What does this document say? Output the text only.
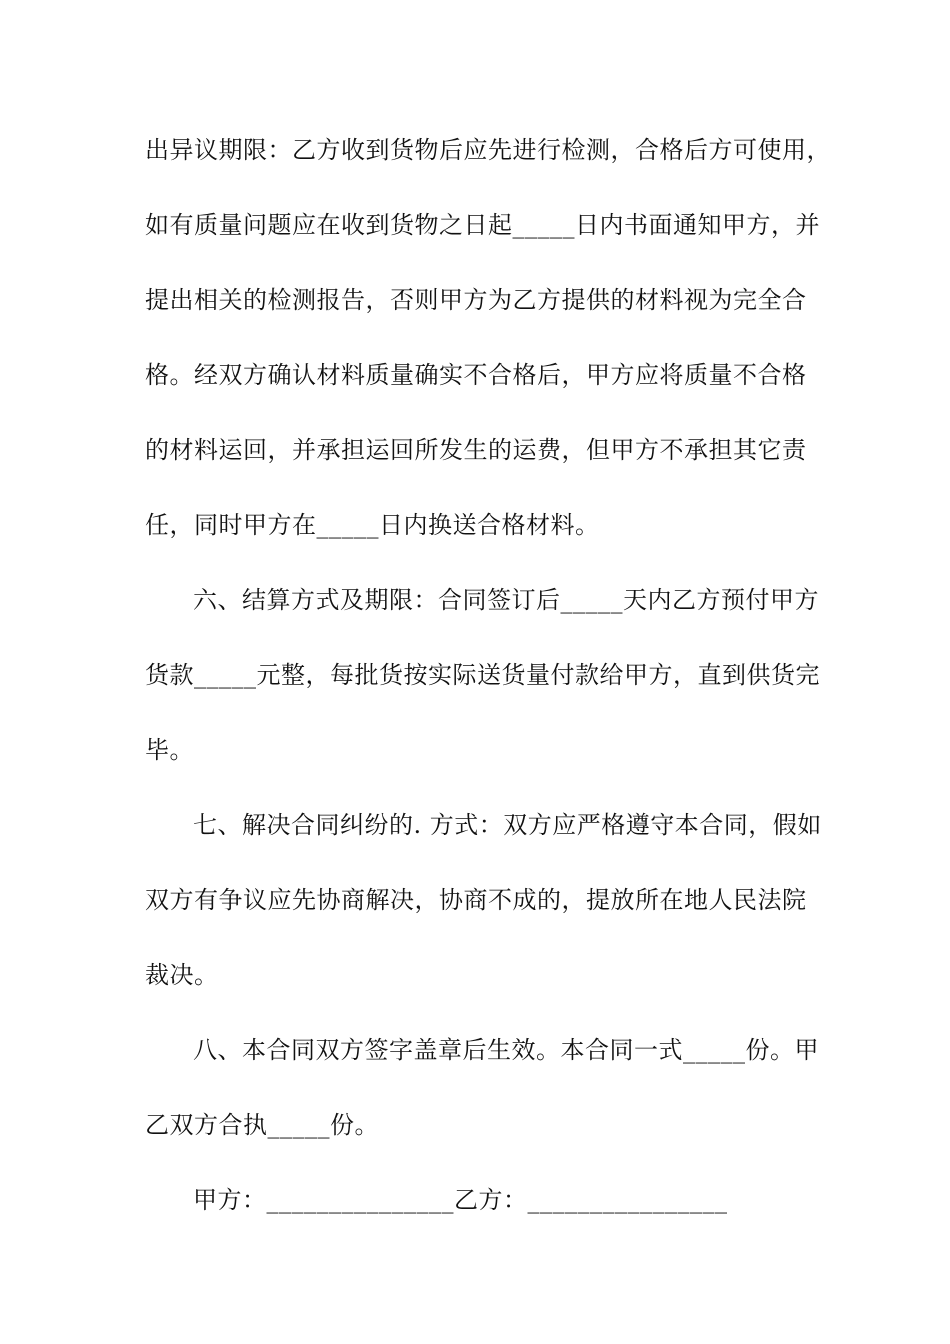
出异议期限：乙方收到货物后应先进行检测，合格后方可使用，
如有质量问题应在收到货物之日起_____日内书面通知甲方，并
提出相关的检测报告，否则甲方为乙方提供的材料视为完全合
格。经双方确认材料质量确实不合格后，甲方应将质量不合格
的材料运回，并承担运回所发生的运费，但甲方不承担其它责
任，同时甲方在_____日内换送合格材料。
六、结算方式及期限：合同签订后_____天内乙方预付甲方
货款_____元整，每批货按实际送货量付款给甲方，直到供货完
毕。
七、解决合同纠纷的. 方式：双方应严格遵守本合同，假如
双方有争议应先协商解决，协商不成的，提放所在地人民法院
裁决。
八、本合同双方签字盖章后生效。本合同一式_____份。甲
乙双方合执_____份。
甲方：_______________乙方：________________
